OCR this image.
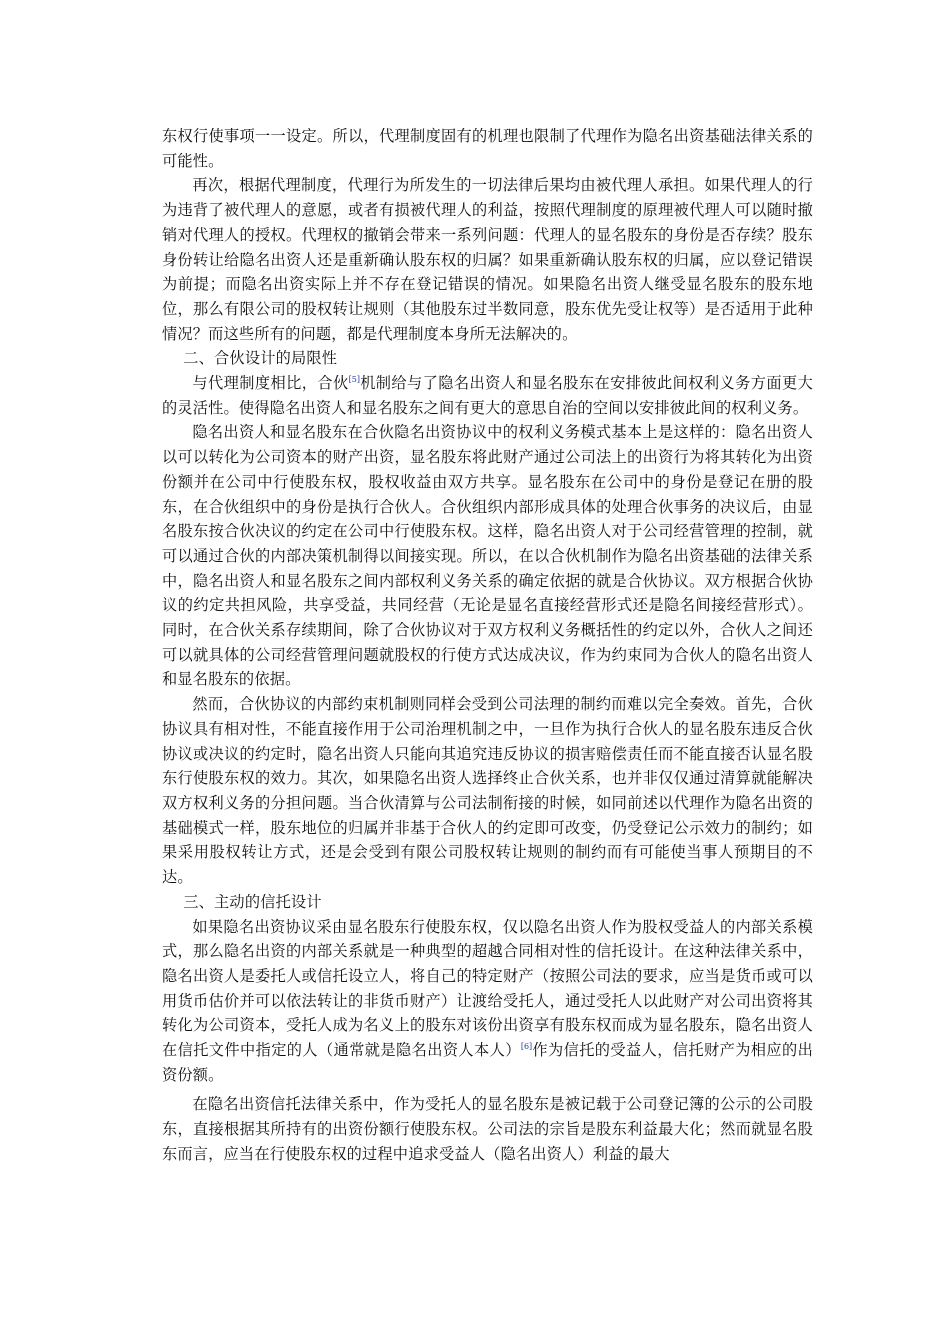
东权行使事项一一设定。所以，代理制度固有的机理也限制了代理作为隐名出资基础法律关系的可能性。

再次，根据代理制度，代理行为所发生的一切法律后果均由被代理人承担。如果代理人的行为违背了被代理人的意愿，或者有损被代理人的利益，按照代理制度的原理被代理人可以随时撤销对代理人的授权。代理权的撤销会带来一系列问题：代理人的显名股东的身份是否存续？股东身份转让给隐名出资人还是重新确认股东权的归属？如果重新确认股东权的归属，应以登记错误为前提；而隐名出资实际上并不存在登记错误的情况。如果隐名出资人继受显名股东的股东地位，那么有限公司的股权转让规则（其他股东过半数同意，股东优先受让权等）是否适用于此种情况？而这些所有的问题，都是代理制度本身所无法解决的。

二、合伙设计的局限性

与代理制度相比，合伙[5]机制给与了隐名出资人和显名股东在安排彼此间权利义务方面更大的灵活性。使得隐名出资人和显名股东之间有更大的意思自治的空间以安排彼此间的权利义务。

隐名出资人和显名股东在合伙隐名出资协议中的权利义务模式基本上是这样的：隐名出资人以可以转化为公司资本的财产出资，显名股东将此财产通过公司法上的出资行为将其转化为出资份额并在公司中行使股东权，股权收益由双方共享。显名股东在公司中的身份是登记在册的股东，在合伙组织中的身份是执行合伙人。合伙组织内部形成具体的处理合伙事务的决议后，由显名股东按合伙决议的约定在公司中行使股东权。这样，隐名出资人对于公司经营管理的控制，就可以通过合伙的内部决策机制得以间接实现。所以，在以合伙机制作为隐名出资基础的法律关系中，隐名出资人和显名股东之间内部权利义务关系的确定依据的就是合伙协议。双方根据合伙协议的约定共担风险，共享受益，共同经营（无论是显名直接经营形式还是隐名间接经营形式）。同时，在合伙关系存续期间，除了合伙协议对于双方权利义务概括性的约定以外，合伙人之间还可以就具体的公司经营管理问题就股权的行使方式达成决议，作为约束同为合伙人的隐名出资人和显名股东的依据。

然而，合伙协议的内部约束机制则同样会受到公司法理的制约而难以完全奏效。首先，合伙协议具有相对性，不能直接作用于公司治理机制之中，一旦作为执行合伙人的显名股东违反合伙协议或决议的约定时，隐名出资人只能向其追究违反协议的损害赔偿责任而不能直接否认显名股东行使股东权的效力。其次，如果隐名出资人选择终止合伙关系，也并非仅仅通过清算就能解决双方权利义务的分担问题。当合伙清算与公司法制衔接的时候，如同前述以代理作为隐名出资的基础模式一样，股东地位的归属并非基于合伙人的约定即可改变，仍受登记公示效力的制约；如果采用股权转让方式，还是会受到有限公司股权转让规则的制约而有可能使当事人预期目的不达。

三、主动的信托设计

如果隐名出资协议采由显名股东行使股东权，仅以隐名出资人作为股权受益人的内部关系模式，那么隐名出资的内部关系就是一种典型的超越合同相对性的信托设计。在这种法律关系中，隐名出资人是委托人或信托设立人，将自己的特定财产（按照公司法的要求，应当是货币或可以用货币估价并可以依法转让的非货币财产）让渡给受托人，通过受托人以此财产对公司出资将其转化为公司资本，受托人成为名义上的股东对该份出资享有股东权而成为显名股东，隐名出资人在信托文件中指定的人（通常就是隐名出资人本人）[6]作为信托的受益人，信托财产为相应的出资份额。

在隐名出资信托法律关系中，作为受托人的显名股东是被记载于公司登记簿的公示的公司股东，直接根据其所持有的出资份额行使股东权。公司法的宗旨是股东利益最大化；然而就显名股东而言，应当在行使股东权的过程中追求受益人（隐名出资人）利益的最大
